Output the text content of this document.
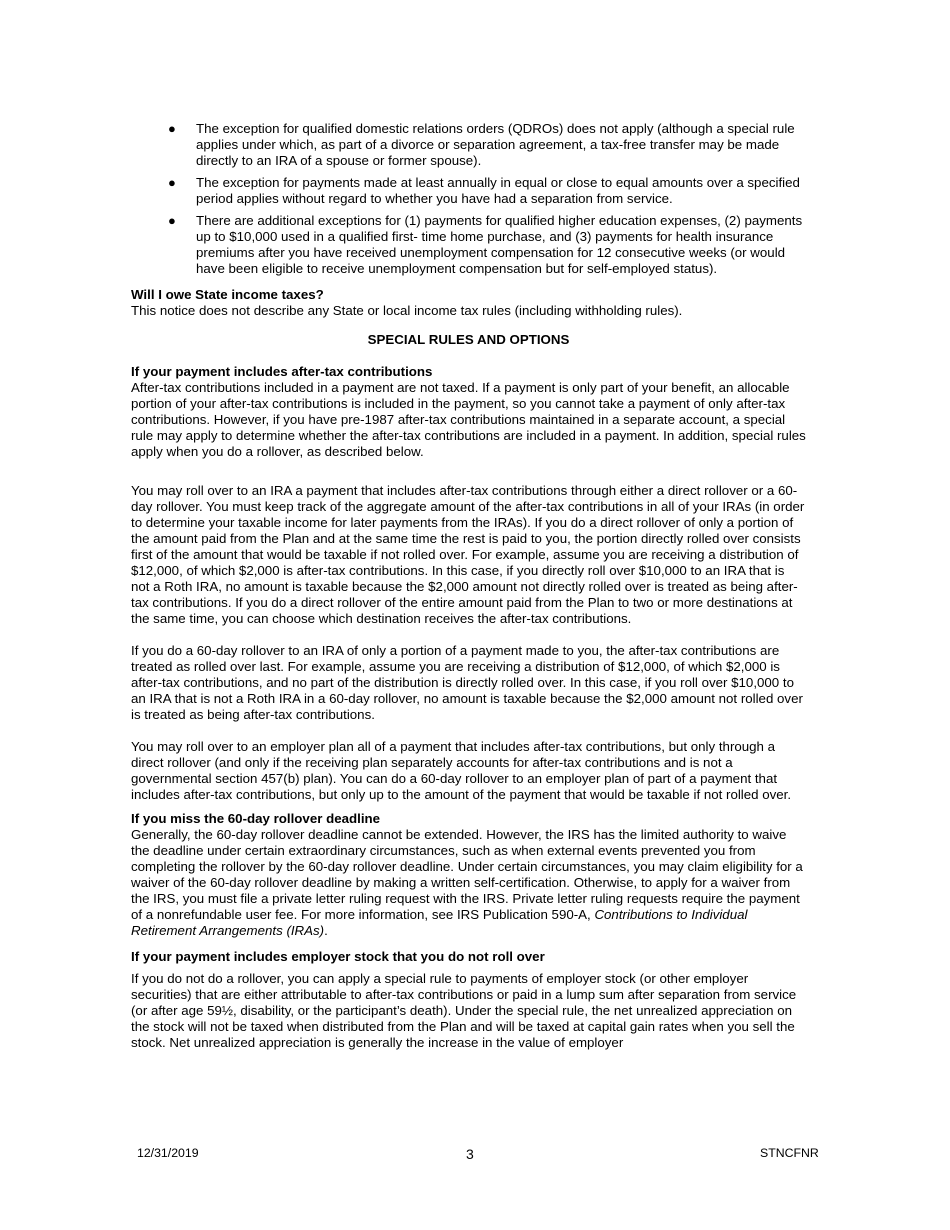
● The exception for qualified domestic relations orders (QDROs) does not apply (although a special rule applies under which, as part of a divorce or separation agreement, a tax-free transfer may be made directly to an IRA of a spouse or former spouse).
● The exception for payments made at least annually in equal or close to equal amounts over a specified period applies without regard to whether you have had a separation from service.
● There are additional exceptions for (1) payments for qualified higher education expenses, (2) payments up to $10,000 used in a qualified first- time home purchase, and (3) payments for health insurance premiums after you have received unemployment compensation for 12 consecutive weeks (or would have been eligible to receive unemployment compensation but for self-employed status).

Will I owe State income taxes?

This notice does not describe any State or local income tax rules (including withholding rules).

SPECIAL RULES AND OPTIONS

If your payment includes after-tax contributions

After-tax contributions included in a payment are not taxed. If a payment is only part of your benefit, an allocable portion of your after-tax contributions is included in the payment, so you cannot take a payment of only after-tax contributions. However, if you have pre-1987 after-tax contributions maintained in a separate account, a special rule may apply to determine whether the after-tax contributions are included in a payment. In addition, special rules apply when you do a rollover, as described below.

You may roll over to an IRA a payment that includes after-tax contributions through either a direct rollover or a 60-day rollover. You must keep track of the aggregate amount of the after-tax contributions in all of your IRAs (in order to determine your taxable income for later payments from the IRAs). If you do a direct rollover of only a portion of the amount paid from the Plan and at the same time the rest is paid to you, the portion directly rolled over consists first of the amount that would be taxable if not rolled over. For example, assume you are receiving a distribution of $12,000, of which $2,000 is after-tax contributions. In this case, if you directly roll over $10,000 to an IRA that is not a Roth IRA, no amount is taxable because the $2,000 amount not directly rolled over is treated as being after-tax contributions. If you do a direct rollover of the entire amount paid from the Plan to two or more destinations at the same time, you can choose which destination receives the after-tax contributions.

If you do a 60-day rollover to an IRA of only a portion of a payment made to you, the after-tax contributions are treated as rolled over last. For example, assume you are receiving a distribution of $12,000, of which $2,000 is after-tax contributions, and no part of the distribution is directly rolled over. In this case, if you roll over $10,000 to an IRA that is not a Roth IRA in a 60-day rollover, no amount is taxable because the $2,000 amount not rolled over is treated as being after-tax contributions.

You may roll over to an employer plan all of a payment that includes after-tax contributions, but only through a direct rollover (and only if the receiving plan separately accounts for after-tax contributions and is not a governmental section 457(b) plan). You can do a 60-day rollover to an employer plan of part of a payment that includes after-tax contributions, but only up to the amount of the payment that would be taxable if not rolled over.

If you miss the 60-day rollover deadline

Generally, the 60-day rollover deadline cannot be extended. However, the IRS has the limited authority to waive the deadline under certain extraordinary circumstances, such as when external events prevented you from completing the rollover by the 60-day rollover deadline. Under certain circumstances, you may claim eligibility for a waiver of the 60-day rollover deadline by making a written self-certification. Otherwise, to apply for a waiver from the IRS, you must file a private letter ruling request with the IRS. Private letter ruling requests require the payment of a nonrefundable user fee. For more information, see IRS Publication 590-A, Contributions to Individual Retirement Arrangements (IRAs).

If your payment includes employer stock that you do not roll over

If you do not do a rollover, you can apply a special rule to payments of employer stock (or other employer securities) that are either attributable to after-tax contributions or paid in a lump sum after separation from service (or after age 59½, disability, or the participant’s death). Under the special rule, the net unrealized appreciation on the stock will not be taxed when distributed from the Plan and will be taxed at capital gain rates when you sell the stock. Net unrealized appreciation is generally the increase in the value of employer

12/31/2019	3	STNCFNR
